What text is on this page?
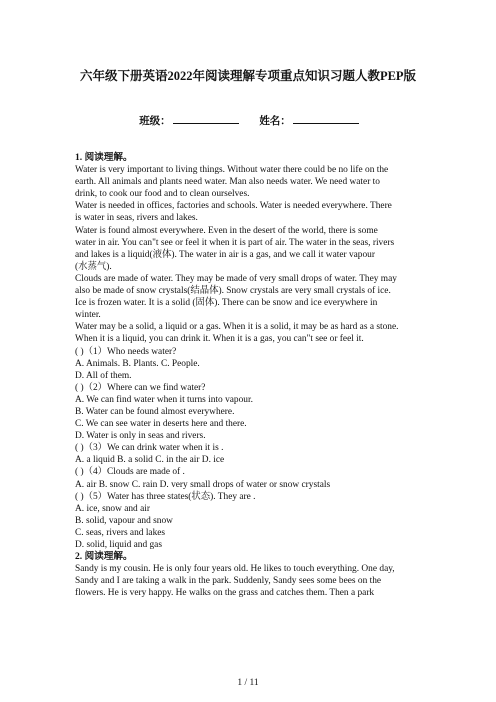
六年级下册英语2022年阅读理解专项重点知识习题人教PEP版
班级：	姓名：

1. 阅读理解。

Water is very important to living things. Without water there could be no life on the

earth. All animals and plants need water. Man also needs water. We need water to

drink, to cook our food and to clean ourselves.

Water is needed in offices, factories and schools. Water is needed everywhere. There

is water in seas, rivers and lakes.

Water is found almost everywhere. Even in the desert of the world, there is some

water in air. You can"t see or feel it when it is part of air. The water in the seas, rivers

and lakes is a liquid(液体). The water in air is a gas, and we call it water vapour

(水蒸气).

Clouds are made of water. They may be made of very small drops of water. They may

also be made of snow crystals(结晶体). Snow crystals are very small crystals of ice.

Ice is frozen water. It is a solid (固体). There can be snow and ice everywhere in

winter.

Water may be a solid, a liquid or a gas. When it is a solid, it may be as hard as a stone.

When it is a liquid, you can drink it. When it is a gas, you can"t see or feel it.

( )（1）Who needs water?

A. Animals. B. Plants. C. People.

D. All of them.

( )（2）Where can we find water?

A. We can find water when it turns into vapour.

B. Water can be found almost everywhere.

C. We can see water in deserts here and there.

D. Water is only in seas and rivers.

( )（3）We can drink water when it is .

A. a liquid B. a solid C. in the air D. ice

( )（4）Clouds are made of .

A. air B. snow C. rain D. very small drops of water or snow crystals

( )（5）Water has three states(状态). They are .

A. ice, snow and air

B. solid, vapour and snow

C. seas, rivers and lakes

D. solid, liquid and gas

2. 阅读理解。

Sandy is my cousin. He is only four years old. He likes to touch everything. One day,

Sandy and I are taking a walk in the park. Suddenly, Sandy sees some bees on the

flowers. He is very happy. He walks on the grass and catches them. Then a park

1 / 11
